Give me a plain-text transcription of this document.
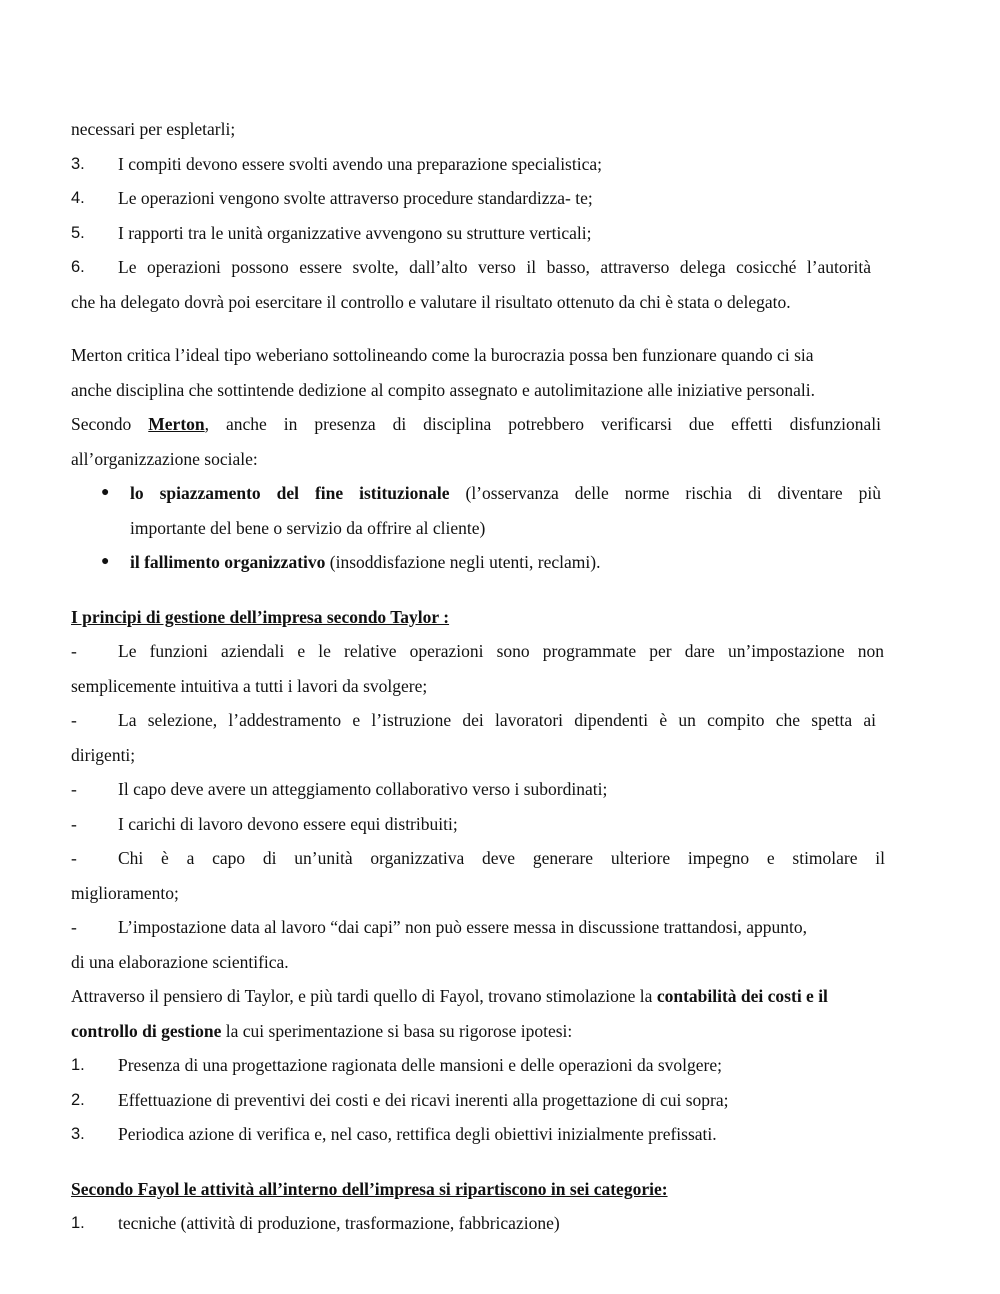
necessari per espletarli;
3.	I compiti devono essere svolti avendo una preparazione specialistica;
4.	Le operazioni vengono svolte attraverso procedure standardizza- te;
5.	I rapporti tra le unità organizzative avvengono su strutture verticali;
6.	Le operazioni possono essere svolte, dall’alto verso il basso, attraverso delega cosicché l’autorità
che ha delegato dovrà poi esercitare il controllo e valutare il risultato ottenuto da chi è stata o delegato.
Merton critica l’ideal tipo weberiano sottolineando come la burocrazia possa ben funzionare quando ci sia
anche disciplina che sottintende dedizione al compito assegnato e autolimitazione alle iniziative personali.
Secondo Merton, anche in presenza di disciplina potrebbero verificarsi due effetti disfunzionali
all’organizzazione sociale:
● lo spiazzamento del fine istituzionale (l’osservanza delle norme rischia di diventare più
importante del bene o servizio da offrire al cliente)
● il fallimento organizzativo (insoddisfazione negli utenti, reclami).
I principi di gestione dell’impresa secondo Taylor :
-	Le funzioni aziendali e le relative operazioni sono programmate per dare un’impostazione non
semplicemente intuitiva a tutti i lavori da svolgere;
-	La selezione, l’addestramento e l’istruzione dei lavoratori dipendenti è un compito che spetta ai
dirigenti;
-	Il capo deve avere un atteggiamento collaborativo verso i subordinati;
-	I carichi di lavoro devono essere equi distribuiti;
-	Chi è a capo di un’unità organizzativa deve generare ulteriore impegno e stimolare il
miglioramento;
-	L’impostazione data al lavoro “dai capi” non può essere messa in discussione trattandosi, appunto,
di una elaborazione scientifica.
Attraverso il pensiero di Taylor, e più tardi quello di Fayol, trovano stimolazione la contabilità dei costi e il
controllo di gestione la cui sperimentazione si basa su rigorose ipotesi:
1.	Presenza di una progettazione ragionata delle mansioni e delle operazioni da svolgere;
2.	Effettuazione di preventivi dei costi e dei ricavi inerenti alla progettazione di cui sopra;
3.	Periodica azione di verifica e, nel caso, rettifica degli obiettivi inizialmente prefissati.
Secondo Fayol le attività all’interno dell’impresa si ripartiscono in sei categorie:
1.	tecniche (attività di produzione, trasformazione, fabbricazione)
